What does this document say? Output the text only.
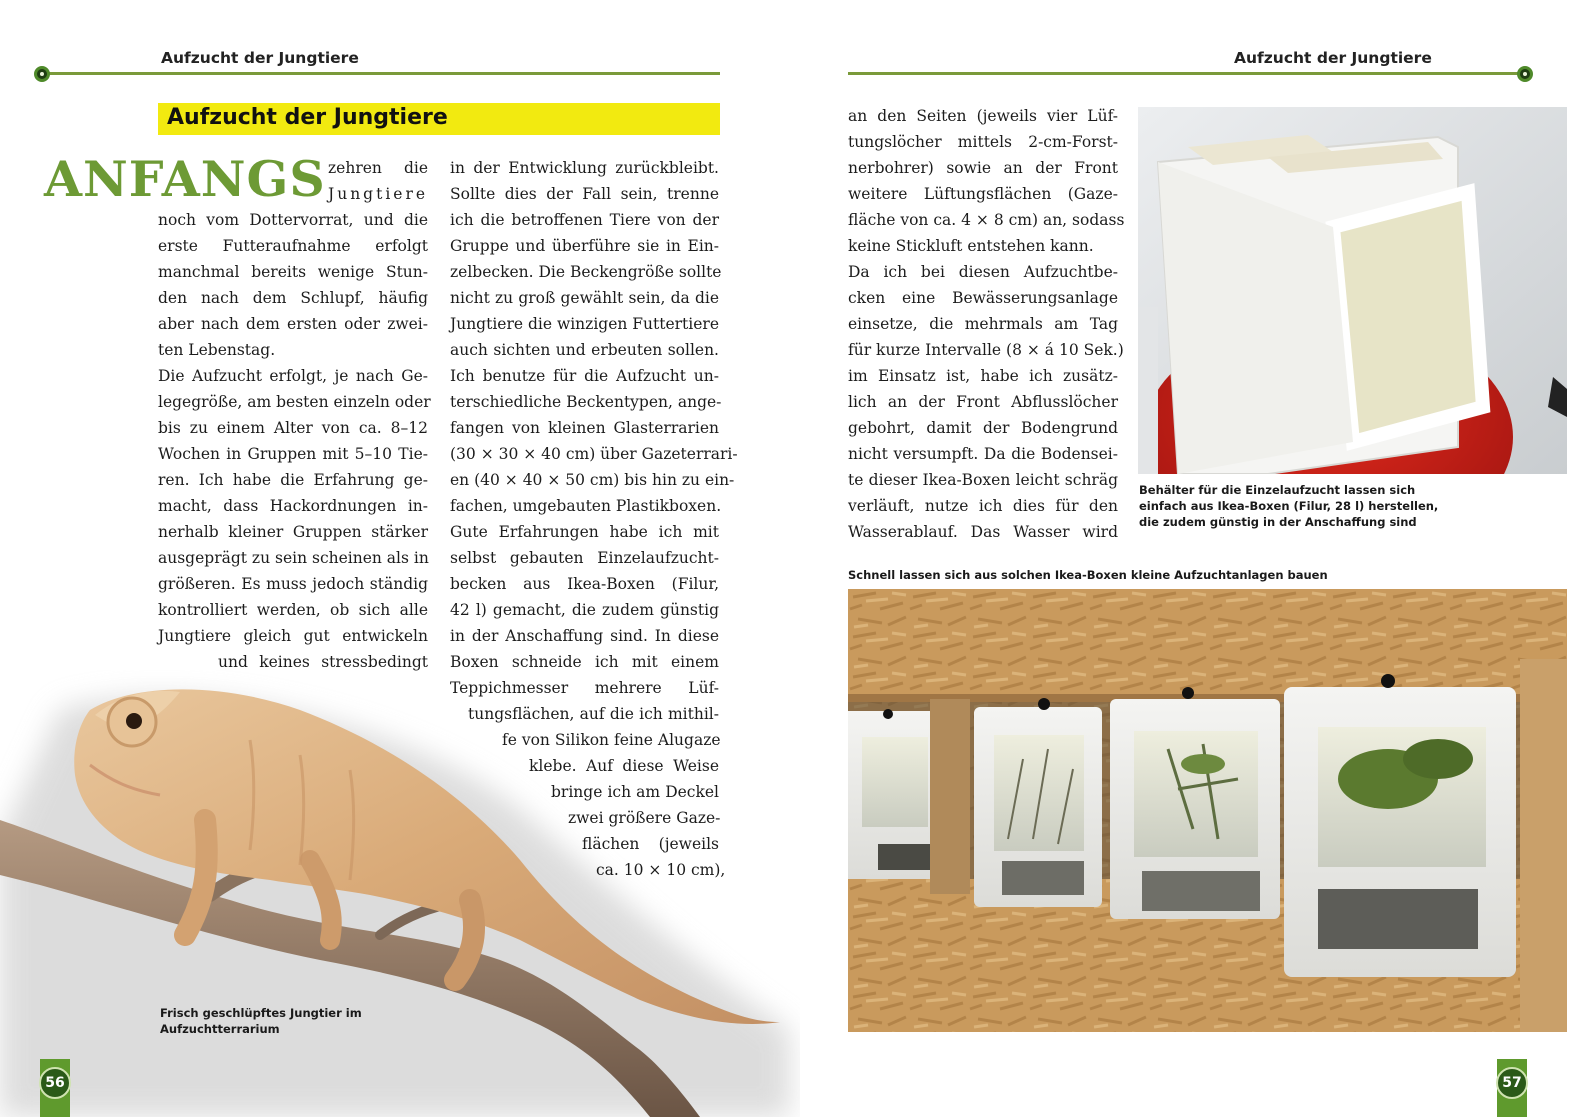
Aufzucht der Jungtiere	Aufzucht der Jungtiere
Aufzucht der Jungtiere
ANFANGS zehren die
Jungtiere
noch vom Dottervorrat, und die
erste Futteraufnahme erfolgt
manchmal bereits wenige Stun-
den nach dem Schlupf, häufig
aber nach dem ersten oder zwei-
ten Lebenstag.
Die Aufzucht erfolgt, je nach Ge-
legegröße, am besten einzeln oder
bis zu einem Alter von ca. 8–12
Wochen in Gruppen mit 5–10 Tie-
ren. Ich habe die Erfahrung ge-
macht, dass Hackordnungen in-
nerhalb kleiner Gruppen stärker
ausgeprägt zu sein scheinen als in
größeren. Es muss jedoch ständig
kontrolliert werden, ob sich alle
Jungtiere gleich gut entwickeln
und keines stressbedingt
in der Entwicklung zurückbleibt.
Sollte dies der Fall sein, trenne
ich die betroffenen Tiere von der
Gruppe und überführe sie in Ein-
zelbecken. Die Beckengröße sollte
nicht zu groß gewählt sein, da die
Jungtiere die winzigen Futtertiere
auch sichten und erbeuten sollen.
Ich benutze für die Aufzucht un-
terschiedliche Beckentypen, ange-
fangen von kleinen Glasterrarien
(30 × 30 × 40 cm) über Gazeterrari-
en (40 × 40 × 50 cm) bis hin zu ein-
fachen, umgebauten Plastikboxen.
Gute Erfahrungen habe ich mit
selbst gebauten Einzelaufzucht-
becken aus Ikea-Boxen (Filur,
42 l) gemacht, die zudem günstig
in der Anschaffung sind. In diese
Boxen schneide ich mit einem
Teppichmesser mehrere Lüf-
tungsflächen, auf die ich mithil-
fe von Silikon feine Alugaze
klebe. Auf diese Weise
bringe ich am Deckel
zwei größere Gaze-
flächen (jeweils
ca. 10 × 10 cm),
an den Seiten (jeweils vier Lüf-
tungslöcher mittels 2-cm-Forst-
nerbohrer) sowie an der Front
weitere Lüftungsflächen (Gaze-
fläche von ca. 4 × 8 cm) an, sodass
keine Stickluft entstehen kann.
Da ich bei diesen Aufzuchtbe-
cken eine Bewässerungsanlage
einsetze, die mehrmals am Tag
für kurze Intervalle (8 × á 10 Sek.)
im Einsatz ist, habe ich zusätz-
lich an der Front Abflusslöcher
gebohrt, damit der Bodengrund
nicht versumpft. Da die Bodensei-
te dieser Ikea-Boxen leicht schräg
verläuft, nutze ich dies für den
Wasserablauf. Das Wasser wird
Behälter für die Einzelaufzucht lassen sich
einfach aus Ikea-Boxen (Filur, 28 l) herstellen,
die zudem günstig in der Anschaffung sind
Schnell lassen sich aus solchen Ikea-Boxen kleine Aufzuchtanlagen bauen
Frisch geschlüpftes Jungtier im
Aufzuchtterrarium
56	57
